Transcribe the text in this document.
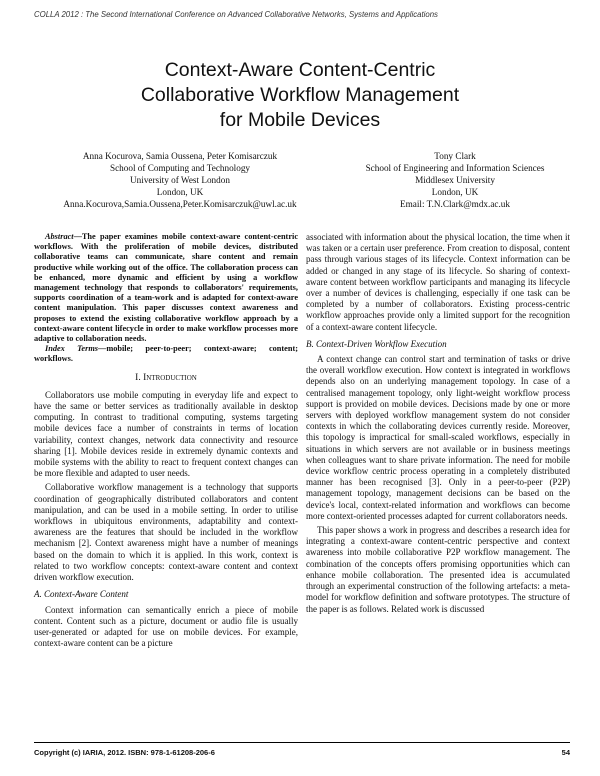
COLLA 2012 : The Second International Conference on Advanced Collaborative Networks, Systems and Applications
Context-Aware Content-Centric
Collaborative Workflow Management
for Mobile Devices
Anna Kocurova, Samia Oussena, Peter Komisarczuk
School of Computing and Technology
University of West London
London, UK
Anna.Kocurova,Samia.Oussena,Peter.Komisarczuk@uwl.ac.uk
Tony Clark
School of Engineering and Information Sciences
Middlesex University
London, UK
Email: T.N.Clark@mdx.ac.uk

Abstract—The paper examines mobile context-aware content-centric workflows. With the proliferation of mobile devices, distributed collaborative teams can communicate, share content and remain productive while working out of the office. The collaboration process can be enhanced, more dynamic and efficient by using a workflow management technology that responds to collaborators' requirements, supports coordination of a team-work and is adapted for context-aware content manipulation. This paper discusses context awareness and proposes to extend the existing collaborative workflow approach by a context-aware content lifecycle in order to make workflow processes more adaptive to collaboration needs.

Index Terms—mobile; peer-to-peer; context-aware; content; workflows.

I. Introduction

Collaborators use mobile computing in everyday life and expect to have the same or better services as traditionally available in desktop computing. In contrast to traditional computing, systems targeting mobile devices face a number of constraints in terms of location variability, context changes, network data connectivity and resource sharing [1]. Mobile devices reside in extremely dynamic contexts and mobile systems with the ability to react to frequent context changes can be more flexible and adapted to user needs.

Collaborative workflow management is a technology that supports coordination of geographically distributed collaborators and content manipulation, and can be used in a mobile setting. In order to utilise workflows in ubiquitous environments, adaptability and context-awareness are the features that should be included in the workflow mechanism [2]. Context awareness might have a number of meanings based on the domain to which it is applied. In this work, context is related to two workflow concepts: context-aware content and context driven workflow execution.

A. Context-Aware Content

Context information can semantically enrich a piece of mobile content. Content such as a picture, document or audio file is usually user-generated or adapted for use on mobile devices. For example, context-aware content can be a picture

associated with information about the physical location, the time when it was taken or a certain user preference. From creation to disposal, content pass through various stages of its lifecycle. Context information can be added or changed in any stage of its lifecycle. So sharing of context-aware content between workflow participants and managing its lifecycle over a number of devices is challenging, especially if one task can be completed by a number of collaborators. Existing process-centric workflow approaches provide only a limited support for the recognition of a context-aware content lifecycle.

B. Context-Driven Workflow Execution

A context change can control start and termination of tasks or drive the overall workflow execution. How context is integrated in workflows depends also on an underlying management topology. In case of a centralised management topology, only light-weight workflow process support is provided on mobile devices. Decisions made by one or more servers with deployed workflow management system do not consider contexts in which the collaborating devices currently reside. Moreover, this topology is impractical for small-scaled workflows, especially in situations in which servers are not available or in business meetings when colleagues want to share private information. The need for mobile device workflow centric process operating in a completely distributed manner has been recognised [3]. Only in a peer-to-peer (P2P) management topology, management decisions can be based on the device's local, context-related information and workflows can become more context-oriented processes adapted for current collaborators needs.

This paper shows a work in progress and describes a research idea for integrating a context-aware content-centric perspective and context awareness into mobile collaborative P2P workflow management. The combination of the concepts offers promising opportunities which can enhance mobile collaboration. The presented idea is accumulated through an experimental construction of the following artefacts: a meta-model for workflow definition and software prototypes. The structure of the paper is as follows. Related work is discussed

Copyright (c) IARIA, 2012. ISBN: 978-1-61208-206-6	54
